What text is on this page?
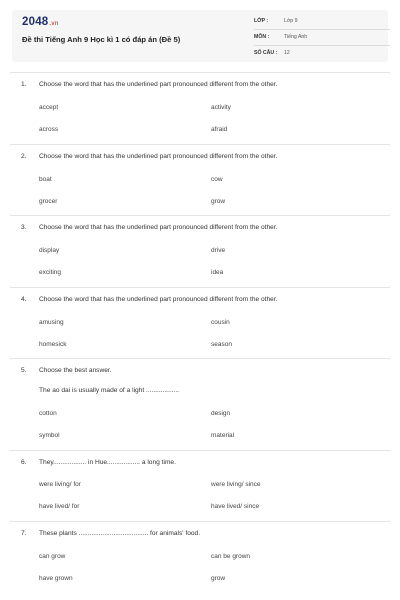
2048.vn
Đề thi Tiếng Anh 9 Học kì 1 có đáp án (Đề 5)
LỚP :	Lớp 9
MÔN :	Tiếng Anh
SỐ CÂU : 12
1. Choose the word that has the underlined part pronounced different from the other.
accept	activity
across	afraid
2. Choose the word that has the underlined part pronounced different from the other.
boat	cow
grocer	grow
3. Choose the word that has the underlined part pronounced different from the other.
display	drive
exciting	idea
4. Choose the word that has the underlined part pronounced different from the other.
amusing	cousin
homesick	season
5. Choose the best answer.
The ao dai is usually made of a light ..................
cotton	design
symbol	material
6. They.................. in Hue.................. a long time.
were living/ for	were living/ since
have lived/ for	have lived/ since
7. These plants ...................................... for animals' food.
can grow	can be grown
have grown	grow
